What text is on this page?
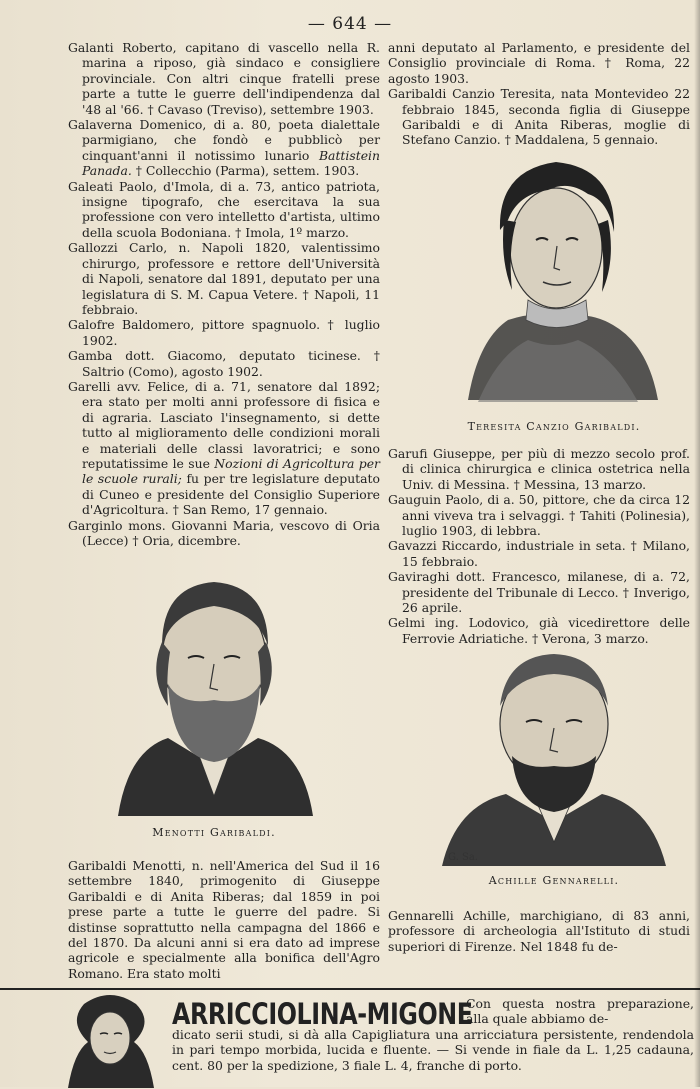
— 644 —

Galanti Roberto, capitano di vascello nella R. marina a riposo, già sindaco e consigliere provinciale. Con altri cinque fratelli prese parte a tutte le guerre dell'indipendenza dal '48 al '66. † Cavaso (Treviso), settembre 1903.

Galaverna Domenico, di a. 80, poeta dialettale parmigiano, che fondò e pubblicò per cinquant'anni il notissimo lunario Battistein Panada. † Collecchio (Parma), settem. 1903.

Galeati Paolo, d'Imola, di a. 73, antico patriota, insigne tipografo, che esercitava la sua professione con vero intelletto d'artista, ultimo della scuola Bodoniana. † Imola, 1º marzo.

Gallozzi Carlo, n. Napoli 1820, valentissimo chirurgo, professore e rettore dell'Università di Napoli, senatore dal 1891, deputato per una legislatura di S. M. Capua Vetere. † Napoli, 11 febbraio.

Galofre Baldomero, pittore spagnuolo. † luglio 1902.

Gamba dott. Giacomo, deputato ticinese. † Saltrio (Como), agosto 1902.

Garelli avv. Felice, di a. 71, senatore dal 1892; era stato per molti anni professore di fisica e di agraria. Lasciato l'insegnamento, si dette tutto al miglioramento delle condizioni morali e materiali delle classi lavoratrici; e sono reputatissime le sue Nozioni di Agricoltura per le scuole rurali; fu per tre legislature deputato di Cuneo e presidente del Consiglio Superiore d'Agricoltura. † San Remo, 17 gennaio.

Garginlo mons. Giovanni Maria, vescovo di Oria (Lecce) † Oria, dicembre.

anni deputato al Parlamento, e presidente del Consiglio provinciale di Roma. † Roma, 22 agosto 1903.

Garibaldi Canzio Teresita, nata Montevideo 22 febbraio 1845, seconda figlia di Giuseppe Garibaldi e di Anita Riberas, moglie di Stefano Canzio. † Maddalena, 5 gennaio.

Teresita Canzio Garibaldi.

Garufi Giuseppe, per più di mezzo secolo prof. di clinica chirurgica e clinica ostetrica nella Univ. di Messina. † Messina, 13 marzo.

Gauguin Paolo, di a. 50, pittore, che da circa 12 anni viveva tra i selvaggi. † Tahiti (Polinesia), luglio 1903, di lebbra.

Gavazzi Riccardo, industriale in seta. † Milano, 15 febbraio.

Gaviraghi dott. Francesco, milanese, di a. 72, presidente del Tribunale di Lecco. † Inverigo, 26 aprile.

Gelmi ing. Lodovico, già vicedirettore delle Ferrovie Adriatiche. † Verona, 3 marzo.

Menotti Garibaldi.
G. Sa.
Achille Gennarelli.
Garibaldi Menotti, n. nell'America del Sud il 16 settembre 1840, primogenito di Giuseppe Garibaldi e di Anita Riberas; dal 1859 in poi prese parte a tutte le guerre del padre. Si distinse soprattutto nella campagna del 1866 e del 1870. Da alcuni anni si era dato ad imprese agricole e specialmente alla bonifica dell'Agro Romano. Era stato molti
Gennarelli Achille, marchigiano, di 83 anni, professore di archeologia all'Istituto di studi superiori di Firenze. Nel 1848 fu de-
ARRICCIOLINA-MIGONE
Con questa nostra preparazione, alla quale abbiamo de-
dicato serii studi, si dà alla Capigliatura una arricciatura persistente, rendendola in pari tempo morbida, lucida e fluente. — Si vende in fiale da L. 1,25 cadauna, cent. 80 per la spedizione, 3 fiale L. 4, franche di porto.
